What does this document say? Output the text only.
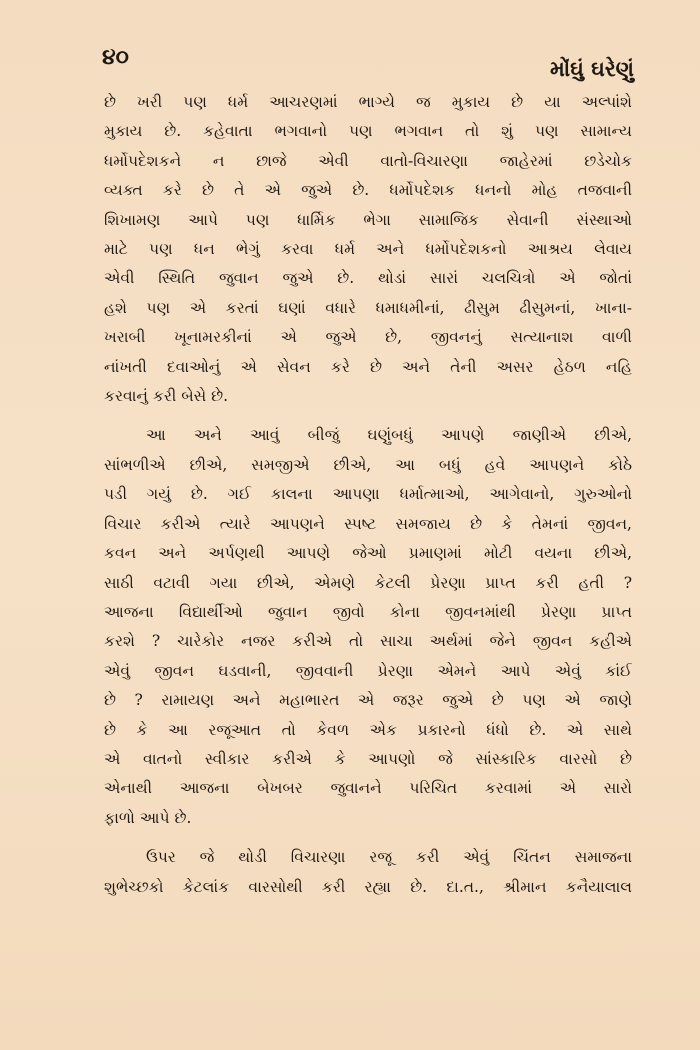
૪૦	મોંઘું ઘરેણું
છે ખરી પણ ધર્મ આચરણમાં ભાગ્યે જ મુકાય છે યા અલ્પાંશે
મુકાય છે. કહેવાતા ભગવાનો પણ ભગવાન તો શું પણ સામાન્ય
ધર્મોપદેશકને ન છાજે એવી વાતો-વિચારણા જાહેરમાં છડેચોક
વ્યક્ત કરે છે તે એ જુએ છે. ધર્મોપદેશક ધનનો મોહ તજવાની
શિખામણ આપે પણ ધાર્મિક ભેગા સામાજિક સેવાની સંસ્થાઓ
માટે પણ ધન ભેગું કરવા ધર્મ અને ધર્મોપદેશકનો આશ્રય લેવાય
એવી સ્થિતિ જુવાન જુએ છે. થોડાં સારાં ચલચિત્રો એ જોતાં
હશે પણ એ કરતાં ઘણાં વધારે ધમાધમીનાં, ઢીસુમ ઢીસુમનાં, ખાના-
ખરાબી ખૂનામરકીનાં એ જુએ છે, જીવનનું સત્યાનાશ વાળી
નાંખતી દવાઓનું એ સેવન કરે છે અને તેની અસર હેઠળ નહિ
કરવાનું કરી બેસે છે.
આ અને આવું બીજું ઘણુંબધું આપણે જાણીએ છીએ,
સાંભળીએ છીએ, સમજીએ છીએ, આ બધું હવે આપણને કોઠે
પડી ગયું છે. ગઈ કાલના આપણા ધર્માત્માઓ, આગેવાનો, ગુરુઓનો
વિચાર કરીએ ત્યારે આપણને સ્પષ્ટ સમજાય છે કે તેમનાં જીવન,
કવન અને અર્પણથી આપણે જેઓ પ્રમાણમાં મોટી વયના છીએ,
સાઠી વટાવી ગયા છીએ, એમણે કેટલી પ્રેરણા પ્રાપ્ત કરી હતી ?
આજના વિદ્યાર્થીઓ જુવાન જીવો કોના જીવનમાંથી પ્રેરણા પ્રાપ્ત
કરશે ? ચારેકોર નજર કરીએ તો સાચા અર્થમાં જેને જીવન કહીએ
એવું જીવન ઘડવાની, જીવવાની પ્રેરણા એમને આપે એવું કાંઈ
છે ? રામાયણ અને મહાભારત એ જરૂર જુએ છે પણ એ જાણે
છે કે આ રજૂઆત તો કેવળ એક પ્રકારનો ધંધો છે. એ સાથે
એ વાતનો સ્વીકાર કરીએ કે આપણો જે સાંસ્કારિક વારસો છે
એનાથી આજના બેખબર જુવાનને પરિચિત કરવામાં એ સારો
ફાળો આપે છે.
ઉપર જે થોડી વિચારણા રજૂ કરી એવું ચિંતન સમાજના
શુભેચ્છકો કેટલાંક વારસોથી કરી રહ્યા છે. દા.ત., શ્રીમાન કનૈયાલાલ
